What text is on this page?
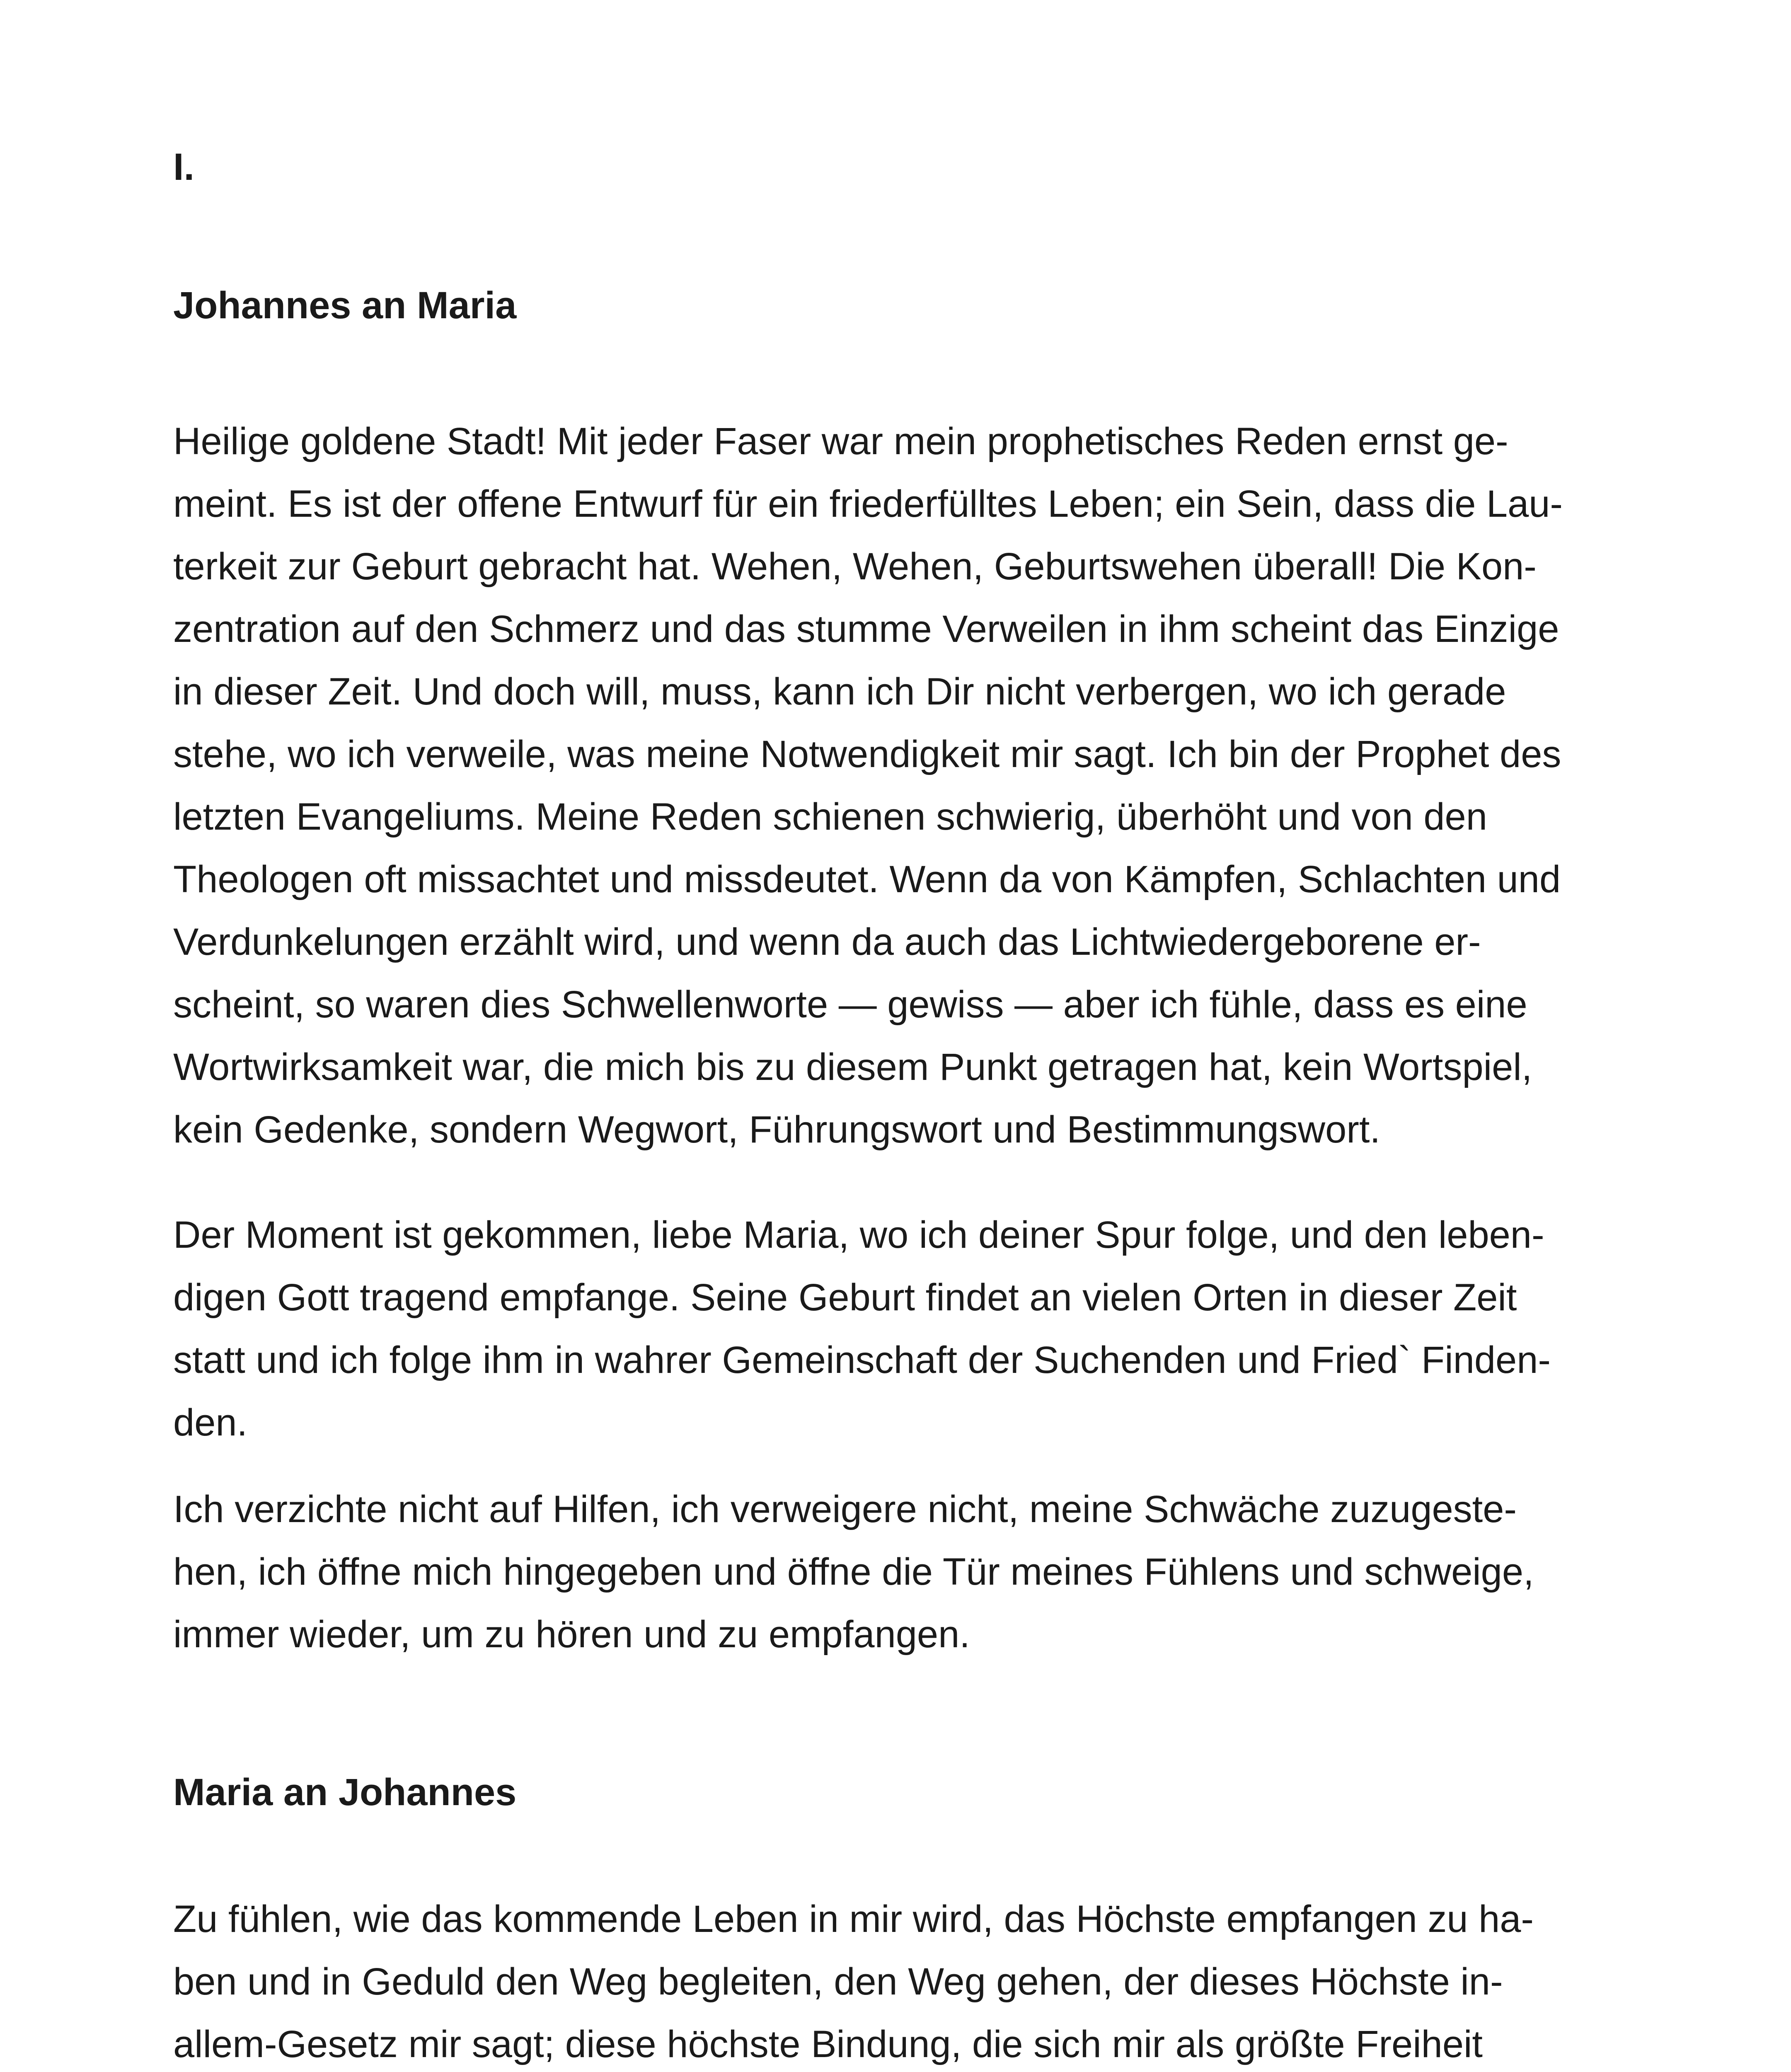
I.
Johannes an Maria
Heilige goldene Stadt! Mit jeder Faser war mein prophetisches Reden ernst ge-
meint. Es ist der offene Entwurf für ein friederfülltes Leben; ein Sein, dass die Lau-
terkeit zur Geburt gebracht hat. Wehen, Wehen, Geburtswehen überall! Die Kon-
zentration auf den Schmerz und das stumme Verweilen in ihm scheint das Einzige
in dieser Zeit. Und doch will, muss, kann ich Dir nicht verbergen, wo ich gerade
stehe, wo ich verweile, was meine Notwendigkeit mir sagt. Ich bin der Prophet des
letzten Evangeliums. Meine Reden schienen schwierig, überhöht und von den
Theologen oft missachtet und missdeutet. Wenn da von Kämpfen, Schlachten und
Verdunkelungen erzählt wird, und wenn da auch das Lichtwiedergeborene er-
scheint, so waren dies Schwellenworte — gewiss — aber ich fühle, dass es eine
Wortwirksamkeit war, die mich bis zu diesem Punkt getragen hat, kein Wortspiel,
kein Gedenke, sondern Wegwort, Führungswort und Bestimmungswort.
Der Moment ist gekommen, liebe Maria, wo ich deiner Spur folge, und den leben-
digen Gott tragend empfange. Seine Geburt findet an vielen Orten in dieser Zeit
statt und ich folge ihm in wahrer Gemeinschaft der Suchenden und Fried` Finden-
den.
Ich verzichte nicht auf Hilfen, ich verweigere nicht, meine Schwäche zuzugeste-
hen, ich öffne mich hingegeben und öffne die Tür meines Fühlens und schweige,
immer wieder, um zu hören und zu empfangen.
Maria an Johannes
Zu fühlen, wie das kommende Leben in mir wird, das Höchste empfangen zu ha-
ben und in Geduld den Weg begleiten, den Weg gehen, der dieses Höchste in-
allem-Gesetz mir sagt; diese höchste Bindung, die sich mir als größte Freiheit
